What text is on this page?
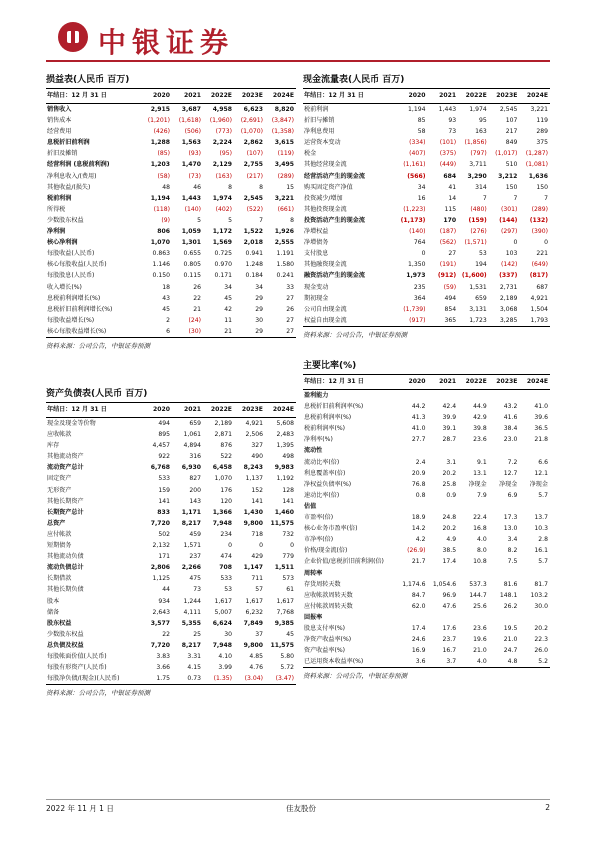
中银证券
损益表(人民币 百万)
年结日：12 月 31 日	2020	2021	2022E	2023E	2024E
销售收入	2,915	3,687	4,958	6,623	8,820
销售成本	(1,201)	(1,618)	(1,960)	(2,691)	(3,847)
经营费用	(426)	(506)	(773)	(1,070)	(1,358)
息税折旧前利润	1,288	1,563	2,224	2,862	3,615
折旧及摊销	(85)	(93)	(95)	(107)	(119)
经营利润 (息税前利润)	1,203	1,470	2,129	2,755	3,495
净利息收入/(费用)	(58)	(73)	(163)	(217)	(289)
其他收益/(损失)	48	46	8	8	15
税前利润	1,194	1,443	1,974	2,545	3,221
所得税	(118)	(140)	(402)	(522)	(661)
少数股东权益	(9)	5	5	7	8
净利润	806	1,059	1,172	1,522	1,926
核心净利润	1,070	1,301	1,569	2,018	2,555
每股收益(人民币)	0.863	0.655	0.725	0.941	1.191
核心每股收益(人民币)	1.146	0.805	0.970	1.248	1.580
每股股息(人民币)	0.150	0.115	0.171	0.184	0.241
收入增长(%)	18	26	34	34	33
息税前利润增长(%)	43	22	45	29	27
息税折旧前利润增长(%)	45	21	42	29	26
每股收益增长(%)	2	(24)	11	30	27
核心每股收益增长(%)	6	(30)	21	29	27
资料来源：公司公告，中银证券预测
资产负债表(人民币 百万)
年结日：12 月 31 日	2020	2021	2022E	2023E	2024E
现金及现金等价物	494	659	2,189	4,921	5,608
应收帐款	895	1,061	2,871	2,506	2,483
库存	4,457	4,894	876	327	1,395
其他流动资产	922	316	522	490	498
流动资产总计	6,768	6,930	6,458	8,243	9,983
固定资产	533	827	1,070	1,137	1,192
无形资产	159	200	176	152	128
其他长期资产	141	143	120	141	141
长期资产总计	833	1,171	1,366	1,430	1,460
总资产	7,720	8,217	7,948	9,800	11,575
应付帐款	502	459	234	718	732
短期债务	2,132	1,571	0	0	0
其他流动负债	171	237	474	429	779
流动负债总计	2,806	2,266	708	1,147	1,511
长期借款	1,125	475	533	711	573
其他长期负债	44	73	53	57	61
股本	934	1,244	1,617	1,617	1,617
储备	2,643	4,111	5,007	6,232	7,768
股东权益	3,577	5,355	6,624	7,849	9,385
少数股东权益	22	25	30	37	45
总负债及权益	7,720	8,217	7,948	9,800	11,575
每股帐面价值(人民币)	3.83	3.31	4.10	4.85	5.80
每股有形资产(人民币)	3.66	4.15	3.99	4.76	5.72
每股净负债/(现金)(人民币)	1.75	0.73	(1.35)	(3.04)	(3.47)
资料来源：公司公告，中银证券预测
现金流量表(人民币 百万)
年结日：12 月 31 日	2020	2021	2022E	2023E	2024E
税前利润	1,194	1,443	1,974	2,545	3,221
折旧与摊销	85	93	95	107	119
净利息费用	58	73	163	217	289
运营资本变动	(334)	(101)	(1,856)	849	375
税金	(407)	(375)	(797)	(1,017)	(1,287)
其他经营现金流	(1,161)	(449)	3,711	510	(1,081)
经营活动产生的现金流	(566)	684	3,290	3,212	1,636
购买固定资产净值	34	41	314	150	150
投资减少/增加	16	14	7	7	7
其他投资现金流	(1,223)	115	(480)	(301)	(289)
投资活动产生的现金流	(1,173)	170	(159)	(144)	(132)
净增权益	(140)	(187)	(276)	(297)	(390)
净增债务	764	(562)	(1,571)	0	0
支付股息	0	27	53	103	221
其他融资现金流	1,350	(191)	194	(142)	(649)
融资活动产生的现金流	1,973	(912)	(1,600)	(337)	(817)
现金变动	235	(59)	1,531	2,731	687
期初现金	364	494	659	2,189	4,921
公司自由现金流	(1,739)	854	3,131	3,068	1,504
权益自由现金流	(917)	365	1,723	3,285	1,793
资料来源：公司公告，中银证券预测
主要比率(%)
年结日：12 月 31 日	2020	2021	2022E	2023E	2024E
盈利能力					
息税折旧前利润率(%)	44.2	42.4	44.9	43.2	41.0
息税前利润率(%)	41.3	39.9	42.9	41.6	39.6
税前利润率(%)	41.0	39.1	39.8	38.4	36.5
净利率(%)	27.7	28.7	23.6	23.0	21.8
流动性					
流动比率(倍)	2.4	3.1	9.1	7.2	6.6
利息覆盖率(倍)	20.9	20.2	13.1	12.7	12.1
净权益负债率(%)	76.8	25.8	净现金	净现金	净现金
速动比率(倍)	0.8	0.9	7.9	6.9	5.7
估值					
市盈率(倍)	18.9	24.8	22.4	17.3	13.7
核心业务市盈率(倍)	14.2	20.2	16.8	13.0	10.3
市净率(倍)	4.2	4.9	4.0	3.4	2.8
价格/现金流(倍)	(26.9)	38.5	8.0	8.2	16.1
企业价值/息税折旧前利润(倍)	21.7	17.4	10.8	7.5	5.7
周转率					
存货周转天数	1,174.6	1,054.6	537.3	81.6	81.7
应收帐款周转天数	84.7	96.9	144.7	148.1	103.2
应付帐款周转天数	62.0	47.6	25.6	26.2	30.0
回报率					
股息支付率(%)	17.4	17.6	23.6	19.5	20.2
净资产收益率(%)	24.6	23.7	19.6	21.0	22.3
资产收益率(%)	16.9	16.7	21.0	24.7	26.0
已运用资本收益率(%)	3.6	3.7	4.0	4.8	5.2
资料来源：公司公告，中银证券预测
2022 年 11 月 1 日	佳友股份	2
